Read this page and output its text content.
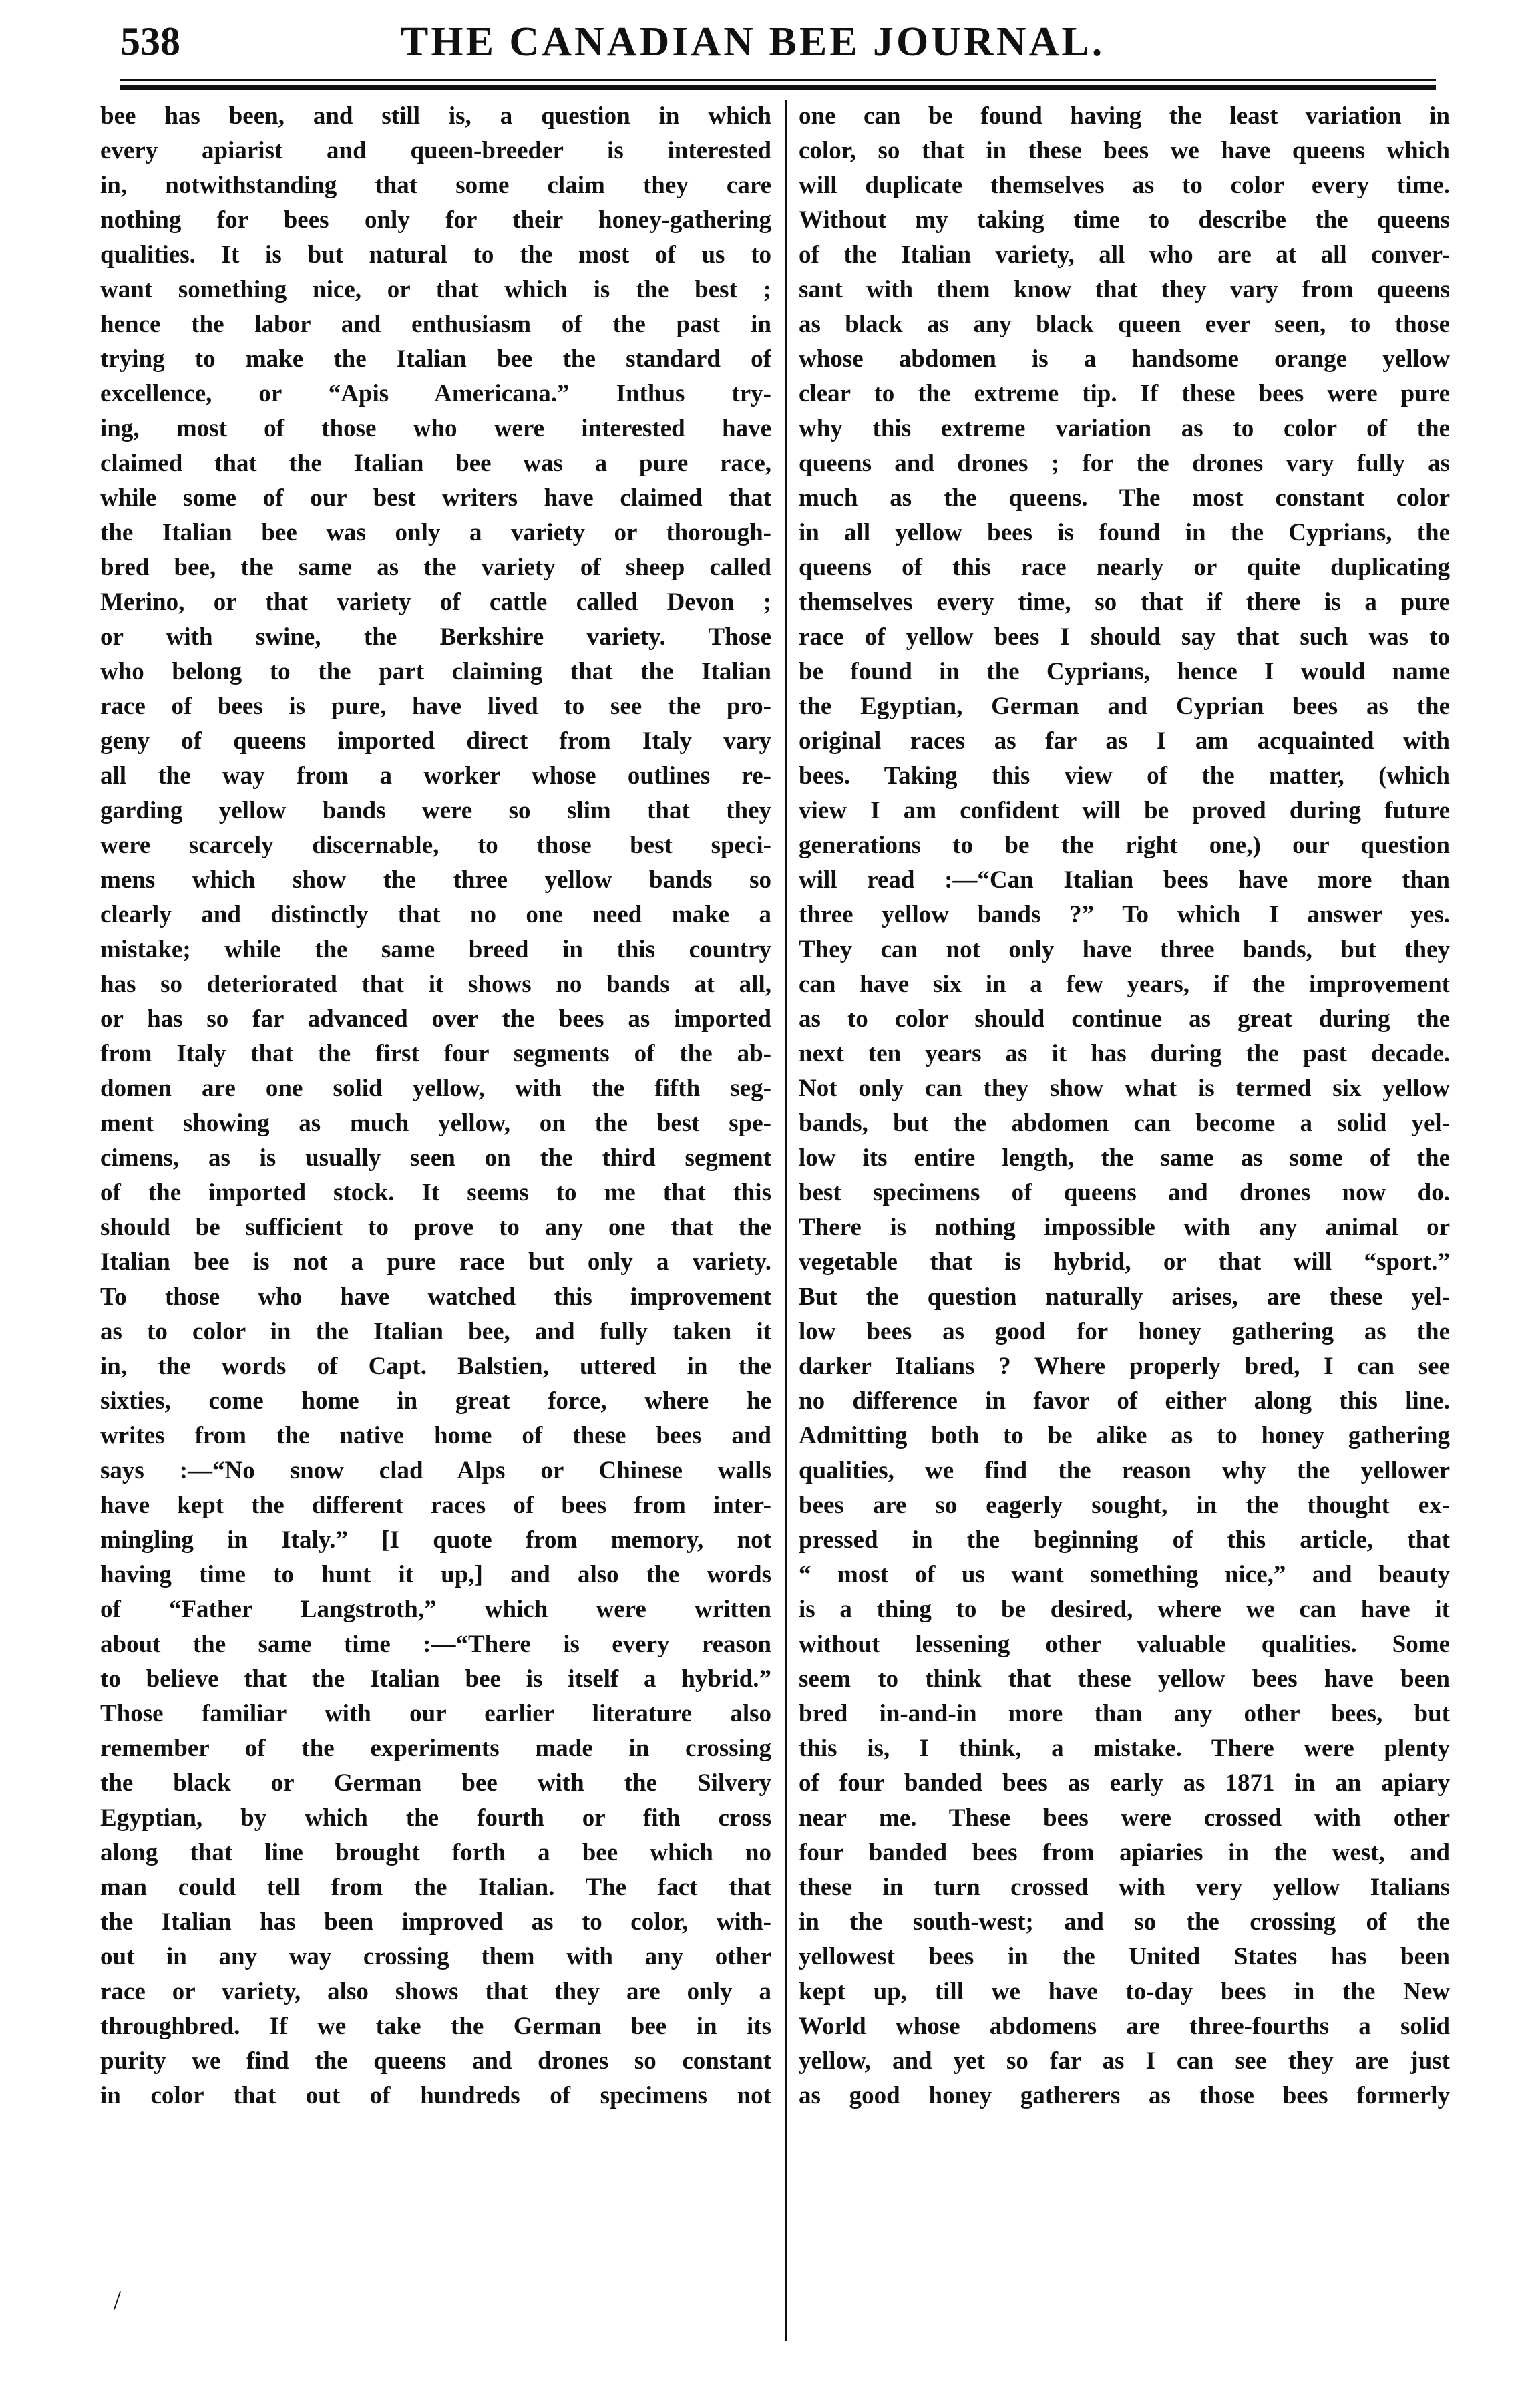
538	THE CANADIAN BEE JOURNAL.
bee has been, and still is, a question in which
every apiarist and queen-breeder is interested
in, notwithstanding that some claim they care
nothing for bees only for their honey-gathering
qualities. It is but natural to the most of us to
want something nice, or that which is the best ;
hence the labor and enthusiasm of the past in
trying to make the Italian bee the standard of
excellence, or “Apis Americana.” Inthus try-
ing, most of those who were interested have
claimed that the Italian bee was a pure race,
while some of our best writers have claimed that
the Italian bee was only a variety or thorough-
bred bee, the same as the variety of sheep called
Merino, or that variety of cattle called Devon ;
or with swine, the Berkshire variety. Those
who belong to the part claiming that the Italian
race of bees is pure, have lived to see the pro-
geny of queens imported direct from Italy vary
all the way from a worker whose outlines re-
garding yellow bands were so slim that they
were scarcely discernable, to those best speci-
mens which show the three yellow bands so
clearly and distinctly that no one need make a
mistake; while the same breed in this country
has so deteriorated that it shows no bands at all,
or has so far advanced over the bees as imported
from Italy that the first four segments of the ab-
domen are one solid yellow, with the fifth seg-
ment showing as much yellow, on the best spe-
cimens, as is usually seen on the third segment
of the imported stock. It seems to me that this
should be sufficient to prove to any one that the
Italian bee is not a pure race but only a variety.
To those who have watched this improvement
as to color in the Italian bee, and fully taken it
in, the words of Capt. Balstien, uttered in the
sixties, come home in great force, where he
writes from the native home of these bees and
says :—“No snow clad Alps or Chinese walls
have kept the different races of bees from inter-
mingling in Italy.” [I quote from memory, not
having time to hunt it up,] and also the words
of “Father Langstroth,” which were written
about the same time :—“There is every reason
to believe that the Italian bee is itself a hybrid.”
Those familiar with our earlier literature also
remember of the experiments made in crossing
the black or German bee with the Silvery
Egyptian, by which the fourth or fith cross
along that line brought forth a bee which no
man could tell from the Italian. The fact that
the Italian has been improved as to color, with-
out in any way crossing them with any other
race or variety, also shows that they are only a
throughbred. If we take the German bee in its
purity we find the queens and drones so constant
in color that out of hundreds of specimens not
one can be found having the least variation in
color, so that in these bees we have queens which
will duplicate themselves as to color every time.
Without my taking time to describe the queens
of the Italian variety, all who are at all conver-
sant with them know that they vary from queens
as black as any black queen ever seen, to those
whose abdomen is a handsome orange yellow
clear to the extreme tip. If these bees were pure
why this extreme variation as to color of the
queens and drones ; for the drones vary fully as
much as the queens. The most constant color
in all yellow bees is found in the Cyprians, the
queens of this race nearly or quite duplicating
themselves every time, so that if there is a pure
race of yellow bees I should say that such was to
be found in the Cyprians, hence I would name
the Egyptian, German and Cyprian bees as the
original races as far as I am acquainted with
bees. Taking this view of the matter, (which
view I am confident will be proved during future
generations to be the right one,) our question
will read :—“Can Italian bees have more than
three yellow bands ?” To which I answer yes.
They can not only have three bands, but they
can have six in a few years, if the improvement
as to color should continue as great during the
next ten years as it has during the past decade.
Not only can they show what is termed six yellow
bands, but the abdomen can become a solid yel-
low its entire length, the same as some of the
best specimens of queens and drones now do.
There is nothing impossible with any animal or
vegetable that is hybrid, or that will “sport.”
But the question naturally arises, are these yel-
low bees as good for honey gathering as the
darker Italians ? Where properly bred, I can see
no difference in favor of either along this line.
Admitting both to be alike as to honey gathering
qualities, we find the reason why the yellower
bees are so eagerly sought, in the thought ex-
pressed in the beginning of this article, that
“ most of us want something nice,” and beauty
is a thing to be desired, where we can have it
without lessening other valuable qualities. Some
seem to think that these yellow bees have been
bred in-and-in more than any other bees, but
this is, I think, a mistake. There were plenty
of four banded bees as early as 1871 in an apiary
near me. These bees were crossed with other
four banded bees from apiaries in the west, and
these in turn crossed with very yellow Italians
in the south-west; and so the crossing of the
yellowest bees in the United States has been
kept up, till we have to-day bees in the New
World whose abdomens are three-fourths a solid
yellow, and yet so far as I can see they are just
as good honey gatherers as those bees formerly
/
